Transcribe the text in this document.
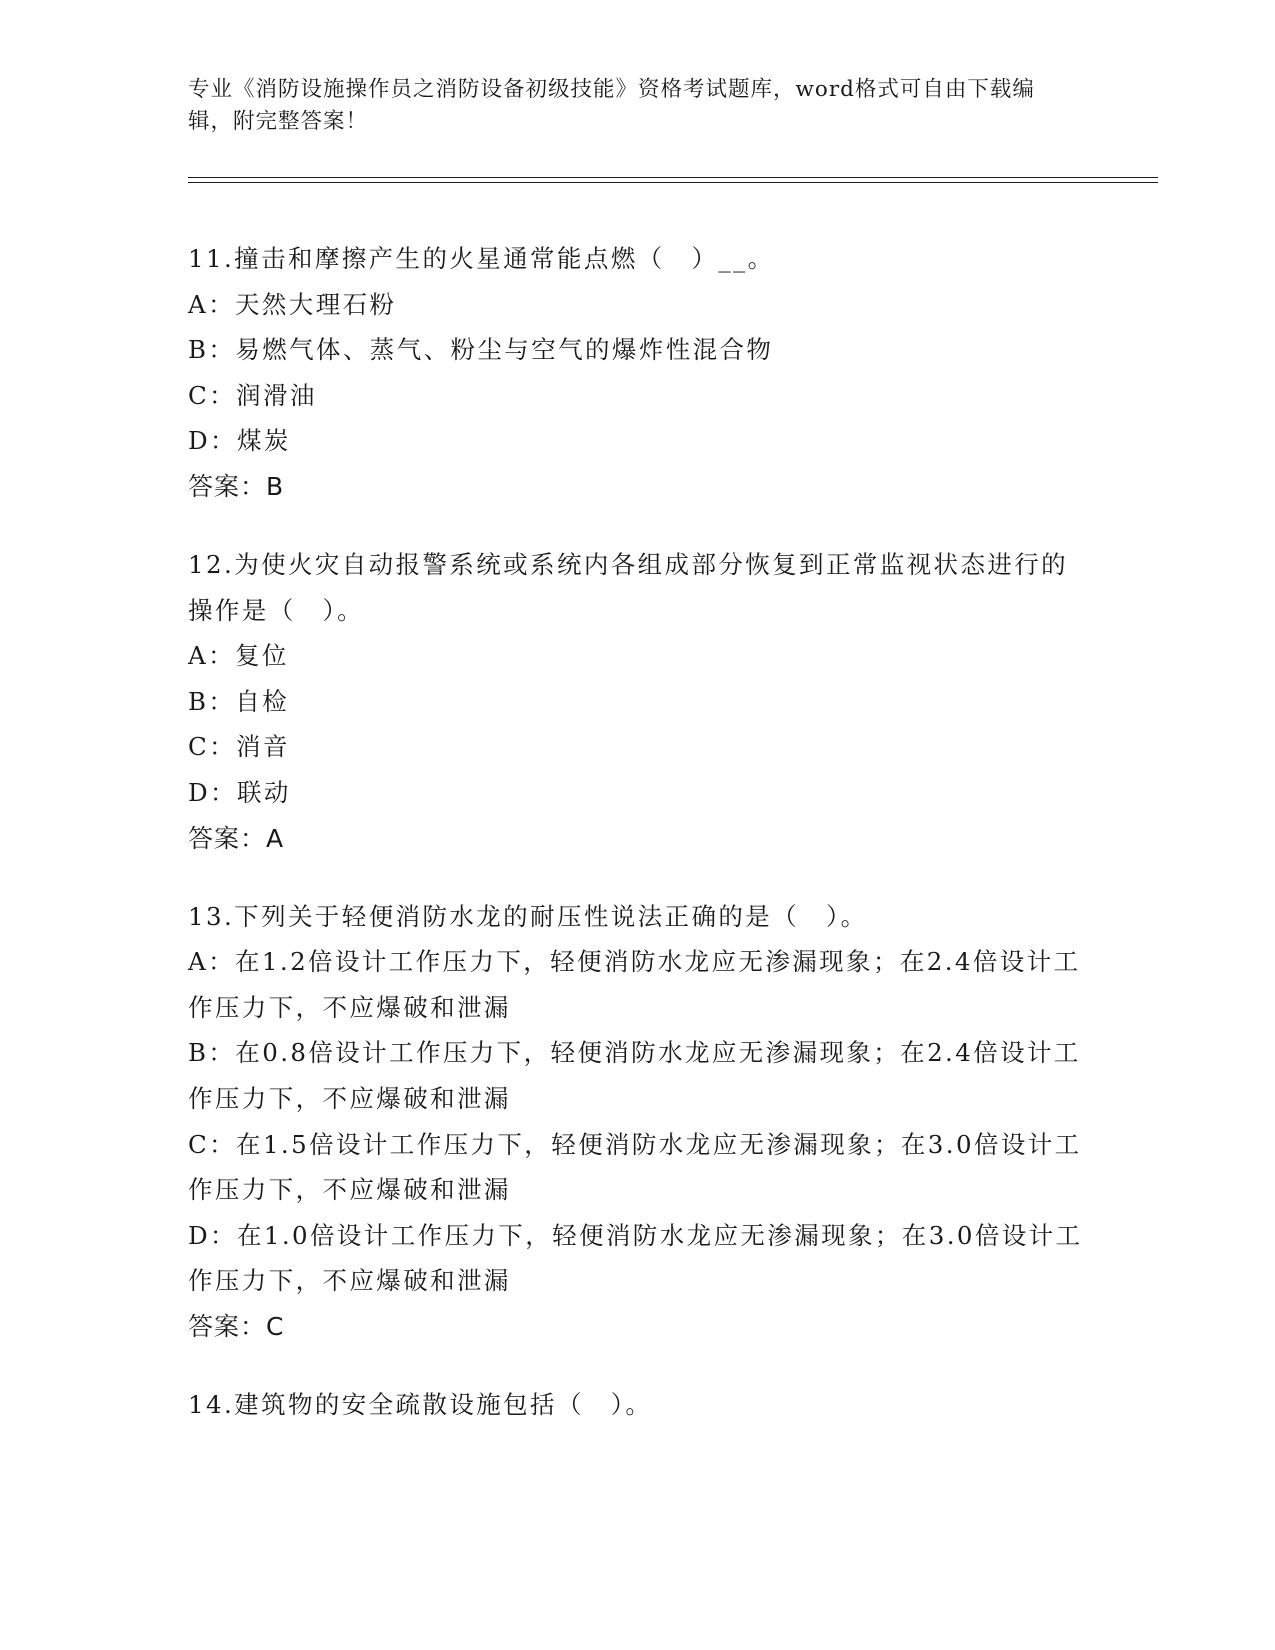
专业《消防设施操作员之消防设备初级技能》资格考试题库，word格式可自由下载编辑，附完整答案！
11.撞击和摩擦产生的火星通常能点燃（　）__。
A：天然大理石粉
B：易燃气体、蒸气、粉尘与空气的爆炸性混合物
C：润滑油
D：煤炭
答案：B
12.为使火灾自动报警系统或系统内各组成部分恢复到正常监视状态进行的操作是（　）。
A：复位
B：自检
C：消音
D：联动
答案：A
13.下列关于轻便消防水龙的耐压性说法正确的是（　）。
A：在1.2倍设计工作压力下，轻便消防水龙应无渗漏现象；在2.4倍设计工作压力下，不应爆破和泄漏
B：在0.8倍设计工作压力下，轻便消防水龙应无渗漏现象；在2.4倍设计工作压力下，不应爆破和泄漏
C：在1.5倍设计工作压力下，轻便消防水龙应无渗漏现象；在3.0倍设计工作压力下，不应爆破和泄漏
D：在1.0倍设计工作压力下，轻便消防水龙应无渗漏现象；在3.0倍设计工作压力下，不应爆破和泄漏
答案：C
14.建筑物的安全疏散设施包括（　）。
